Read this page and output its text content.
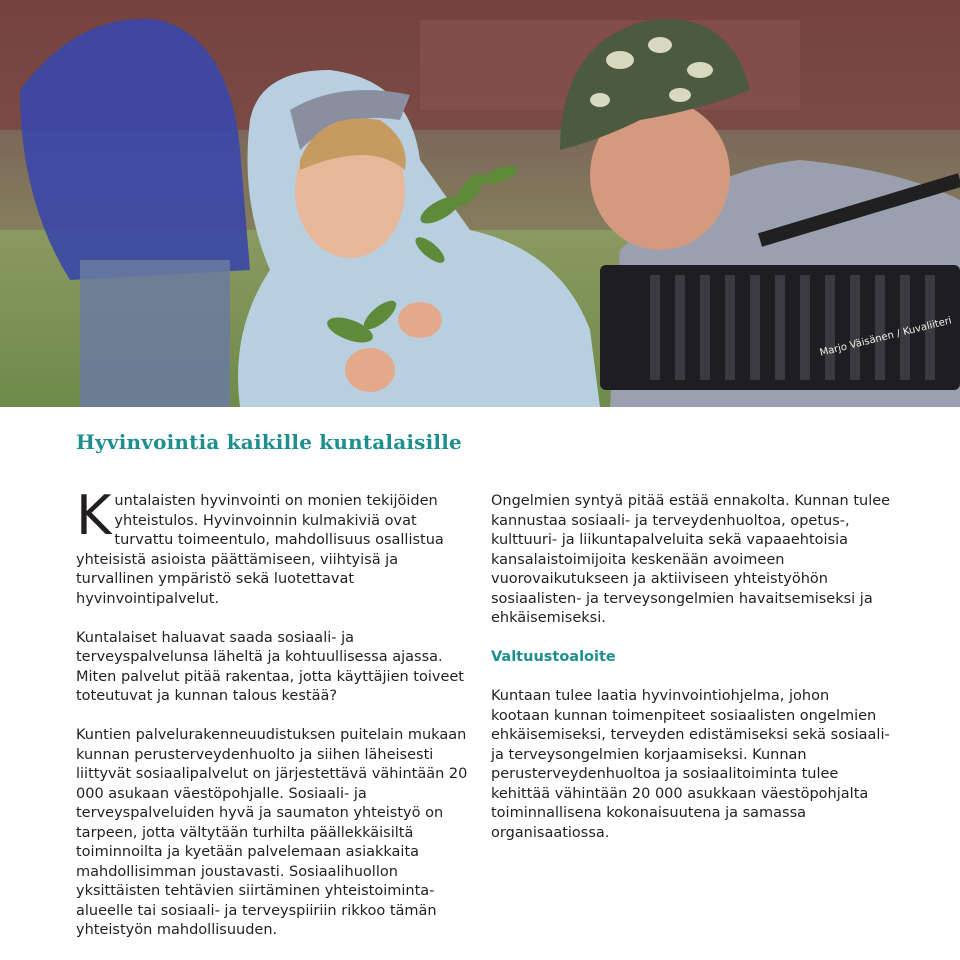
Marjo Väisänen / Kuvaliiteri
Hyvinvointia kaikille kuntalaisille

Kuntalaisten hyvinvointi on monien tekijöiden yhteistulos. Hyvinvoinnin kulmakiviä ovat turvattu toimeentulo, mahdollisuus osallistua yhteisistä asioista päättämiseen, viihtyisä ja turvallinen ympäristö sekä luotettavat hyvinvointipalvelut.

Kuntalaiset haluavat saada sosiaali- ja terveyspalvelunsa läheltä ja kohtuullisessa ajassa. Miten palvelut pitää rakentaa, jotta käyttäjien toiveet toteutuvat ja kunnan talous kestää?

Kuntien palvelurakenneuudistuksen puitelain mukaan kunnan perusterveydenhuolto ja siihen läheisesti liittyvät sosiaalipalvelut on järjestettävä vähintään 20 000 asukaan väestöpohjalle. Sosiaali- ja terveyspalveluiden hyvä ja saumaton yhteistyö on tarpeen, jotta vältytään turhilta päällekkäisiltä toiminnoilta ja kyetään palvelemaan asiakkaita mahdollisimman joustavasti. Sosiaalihuollon yksittäisten tehtävien siirtäminen yhteistoiminta-alueelle tai sosiaali- ja terveyspiiriin rikkoo tämän yhteistyön mahdollisuuden.

Ongelmien syntyä pitää estää ennakolta. Kunnan tulee kannustaa sosiaali- ja terveydenhuoltoa, opetus-, kulttuuri- ja liikuntapalveluita sekä vapaaehtoisia kansalaistoimijoita keskenään avoimeen vuorovaikutukseen ja aktiiviseen yhteistyöhön sosiaalisten- ja terveysongelmien havaitsemiseksi ja ehkäisemiseksi.

Valtuustoaloite

Kuntaan tulee laatia hyvinvointiohjelma, johon kootaan kunnan toimenpiteet sosiaalisten ongelmien ehkäisemiseksi, terveyden edistämiseksi sekä sosiaali- ja terveysongelmien korjaamiseksi. Kunnan perusterveydenhuoltoa ja sosiaalitoiminta tulee kehittää vähintään 20 000 asukkaan väestöpohjalta toiminnallisena kokonaisuutena ja samassa organisaatiossa.
